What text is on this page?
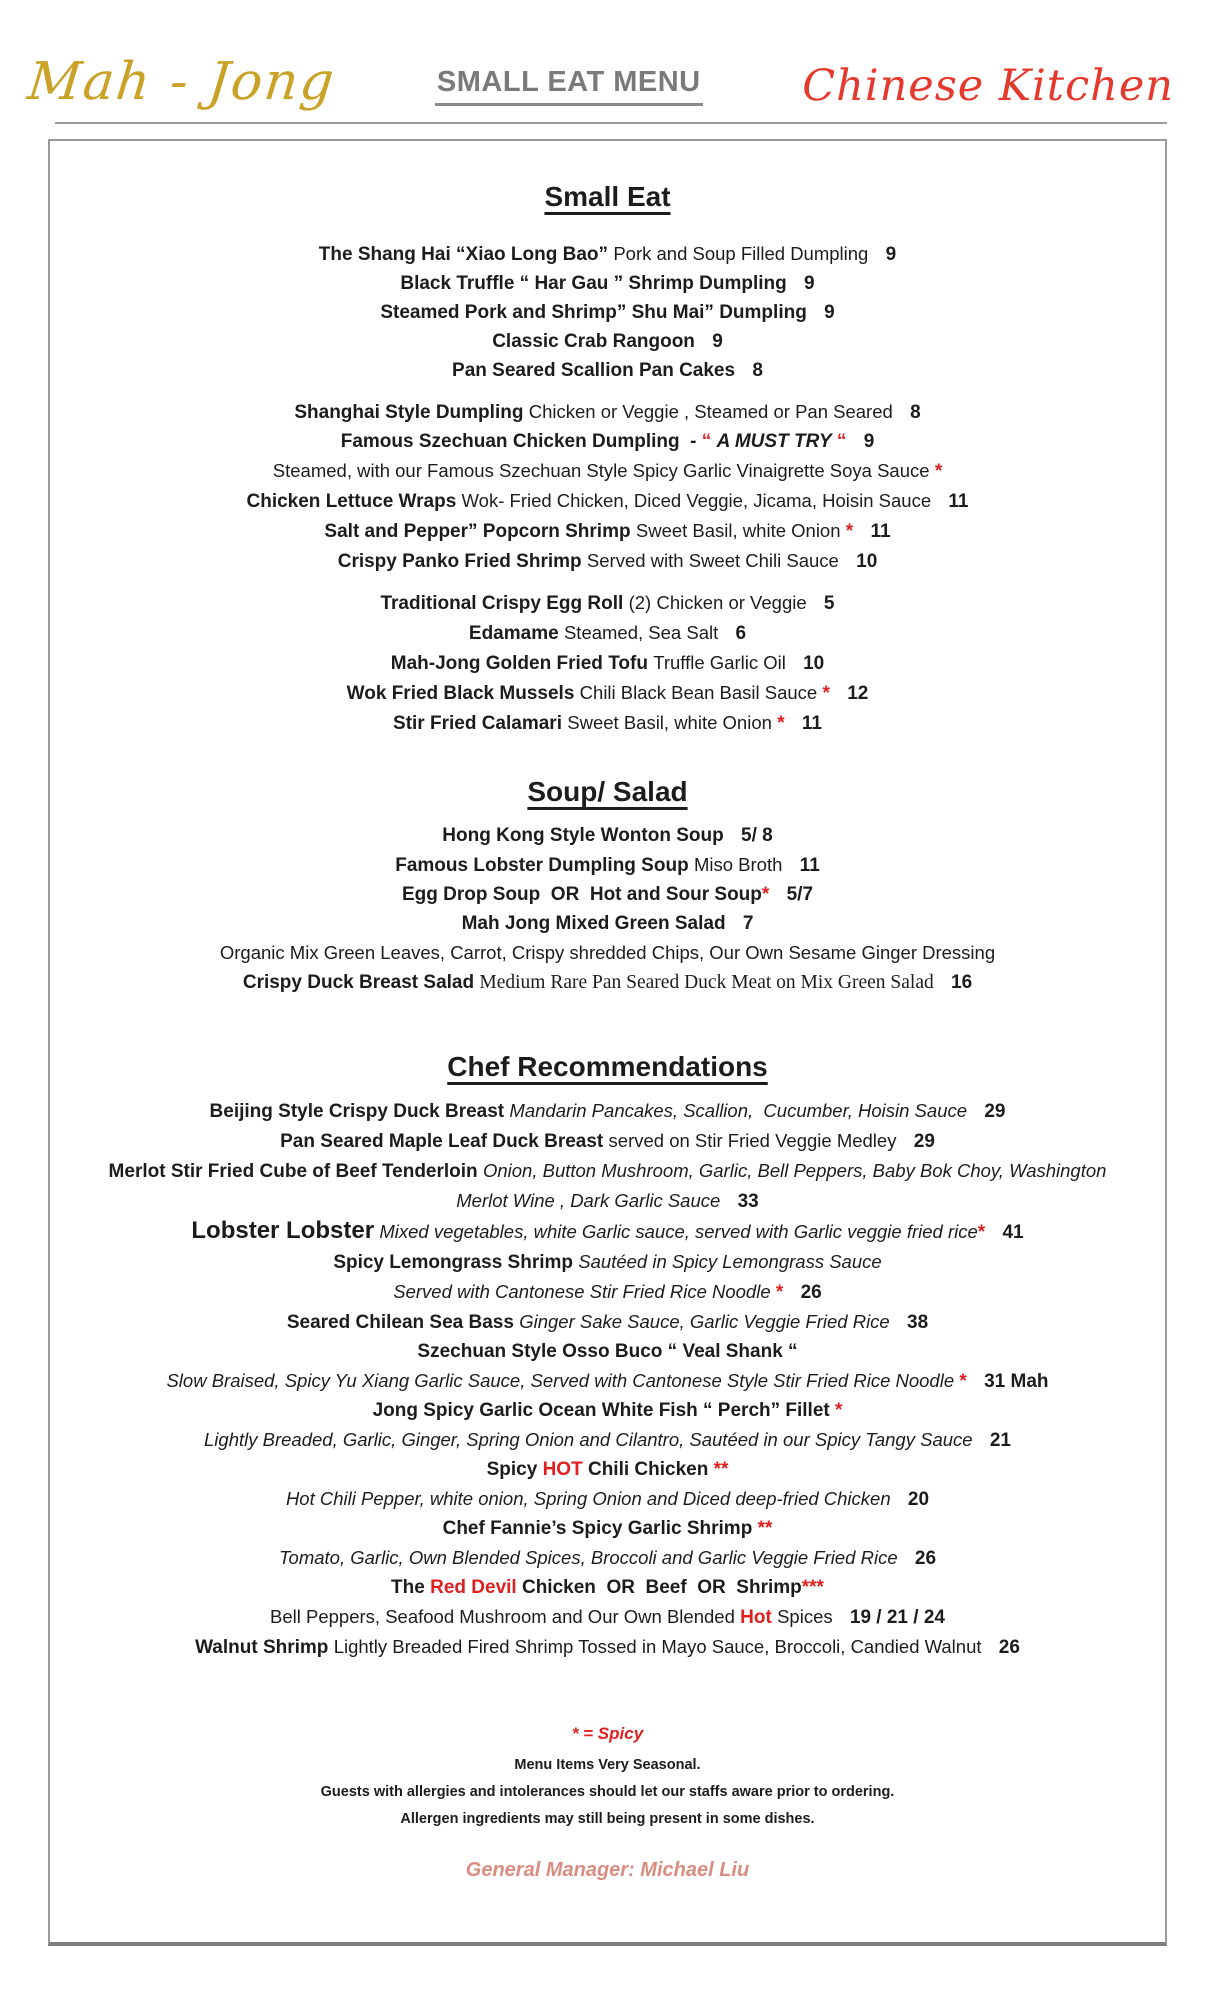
Mah - Jong	SMALL EAT MENU Chinese Kitchen
Small Eat
The Shang Hai “Xiao Long Bao” Pork and Soup Filled Dumpling 9
Black Truffle “ Har Gau ” Shrimp Dumpling 9
Steamed Pork and Shrimp” Shu Mai” Dumpling 9
Classic Crab Rangoon 9
Pan Seared Scallion Pan Cakes 8
Shanghai Style Dumpling Chicken or Veggie , Steamed or Pan Seared 8
Famous Szechuan Chicken Dumpling  - “ A MUST TRY “ 9
Steamed, with our Famous Szechuan Style Spicy Garlic Vinaigrette Soya Sauce *
Chicken Lettuce Wraps Wok- Fried Chicken, Diced Veggie, Jicama, Hoisin Sauce 11
Salt and Pepper” Popcorn Shrimp Sweet Basil, white Onion * 11
Crispy Panko Fried Shrimp Served with Sweet Chili Sauce 10
Traditional Crispy Egg Roll (2) Chicken or Veggie 5
Edamame Steamed, Sea Salt 6
Mah-Jong Golden Fried Tofu Truffle Garlic Oil 10
Wok Fried Black Mussels Chili Black Bean Basil Sauce * 12
Stir Fried Calamari Sweet Basil, white Onion * 11
Soup/ Salad
Hong Kong Style Wonton Soup 5/ 8
Famous Lobster Dumpling Soup Miso Broth 11
Egg Drop Soup  OR  Hot and Sour Soup* 5/7
Mah Jong Mixed Green Salad 7
Organic Mix Green Leaves, Carrot, Crispy shredded Chips, Our Own Sesame Ginger Dressing
Crispy Duck Breast Salad Medium Rare Pan Seared Duck Meat on Mix Green Salad 16
Chef Recommendations
Beijing Style Crispy Duck Breast Mandarin Pancakes, Scallion,  Cucumber, Hoisin Sauce 29
Pan Seared Maple Leaf Duck Breast served on Stir Fried Veggie Medley 29
Merlot Stir Fried Cube of Beef Tenderloin Onion, Button Mushroom, Garlic, Bell Peppers, Baby Bok Choy, Washington Merlot Wine , Dark Garlic Sauce 33
Lobster Lobster Mixed vegetables, white Garlic sauce, served with Garlic veggie fried rice* 41
Spicy Lemongrass Shrimp Sautéed in Spicy Lemongrass Sauce
Served with Cantonese Stir Fried Rice Noodle * 26
Seared Chilean Sea Bass Ginger Sake Sauce, Garlic Veggie Fried Rice 38
Szechuan Style Osso Buco “ Veal Shank “
Slow Braised, Spicy Yu Xiang Garlic Sauce, Served with Cantonese Style Stir Fried Rice Noodle * 31 Mah
Jong Spicy Garlic Ocean White Fish “ Perch” Fillet *
Lightly Breaded, Garlic, Ginger, Spring Onion and Cilantro, Sautéed in our Spicy Tangy Sauce 21
Spicy HOT Chili Chicken **
Hot Chili Pepper, white onion, Spring Onion and Diced deep-fried Chicken 20
Chef Fannie’s Spicy Garlic Shrimp **
Tomato, Garlic, Own Blended Spices, Broccoli and Garlic Veggie Fried Rice 26
The Red Devil Chicken  OR  Beef  OR  Shrimp***
Bell Peppers, Seafood Mushroom and Our Own Blended Hot Spices 19 / 21 / 24
Walnut Shrimp Lightly Breaded Fired Shrimp Tossed in Mayo Sauce, Broccoli, Candied Walnut 26
* = Spicy
Menu Items Very Seasonal.
Guests with allergies and intolerances should let our staffs aware prior to ordering.
Allergen ingredients may still being present in some dishes.
General Manager: Michael Liu
